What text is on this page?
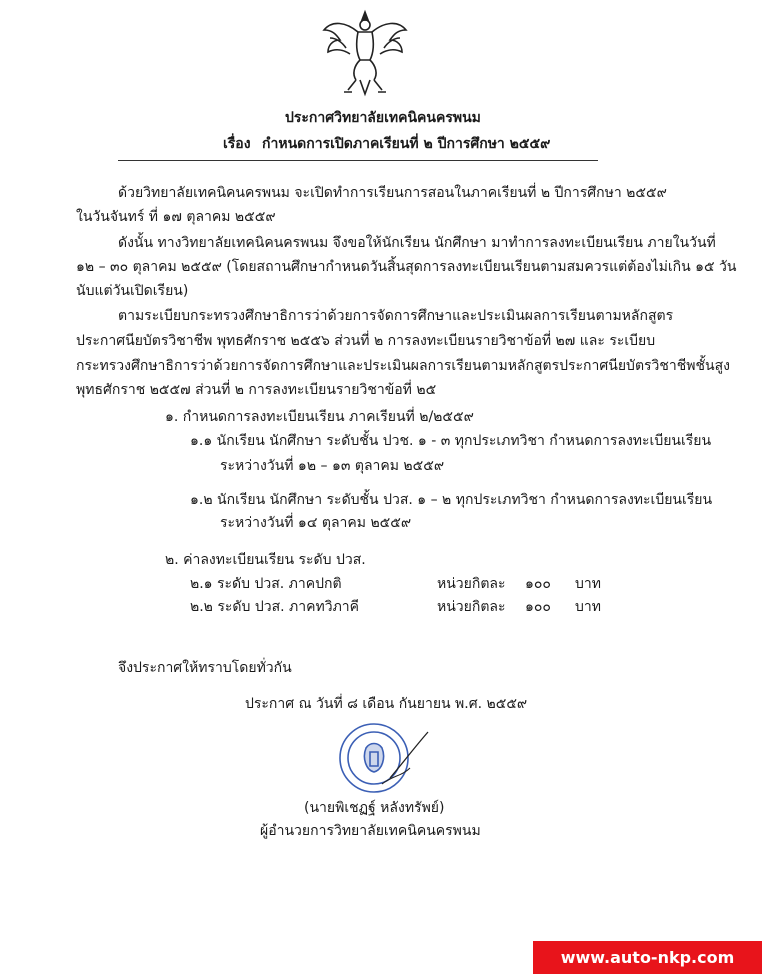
ประกาศวิทยาลัยเทคนิคนครพนม
เรื่อง กำหนดการเปิดภาคเรียนที่ ๒ ปีการศึกษา ๒๕๕๙
ด้วยวิทยาลัยเทคนิคนครพนม จะเปิดทำการเรียนการสอนในภาคเรียนที่ ๒ ปีการศึกษา ๒๕๕๙
ในวันจันทร์ ที่ ๑๗ ตุลาคม ๒๕๕๙
ดังนั้น ทางวิทยาลัยเทคนิคนครพนม จึงขอให้นักเรียน นักศึกษา มาทำการลงทะเบียนเรียน ภายในวันที่
๑๒ – ๓๐ ตุลาคม ๒๕๕๙ (โดยสถานศึกษากำหนดวันสิ้นสุดการลงทะเบียนเรียนตามสมควรแต่ต้องไม่เกิน ๑๕ วัน
นับแต่วันเปิดเรียน)
ตามระเบียบกระทรวงศึกษาธิการว่าด้วยการจัดการศึกษาและประเมินผลการเรียนตามหลักสูตร
ประกาศนียบัตรวิชาชีพ พุทธศักราช ๒๕๕๖ ส่วนที่ ๒ การลงทะเบียนรายวิชาข้อที่ ๒๗ และ ระเบียบ
กระทรวงศึกษาธิการว่าด้วยการจัดการศึกษาและประเมินผลการเรียนตามหลักสูตรประกาศนียบัตรวิชาชีพชั้นสูง
พุทธศักราช ๒๕๕๗ ส่วนที่ ๒ การลงทะเบียนรายวิชาข้อที่ ๒๕
๑. กำหนดการลงทะเบียนเรียน ภาคเรียนที่ ๒/๒๕๕๙
๑.๑ นักเรียน นักศึกษา ระดับชั้น ปวช. ๑ - ๓ ทุกประเภทวิชา กำหนดการลงทะเบียนเรียน
ระหว่างวันที่ ๑๒ – ๑๓ ตุลาคม ๒๕๕๙
๑.๒ นักเรียน นักศึกษา ระดับชั้น ปวส. ๑ – ๒ ทุกประเภทวิชา กำหนดการลงทะเบียนเรียน
ระหว่างวันที่ ๑๔ ตุลาคม ๒๕๕๙
๒. ค่าลงทะเบียนเรียน ระดับ ปวส.
๒.๑ ระดับ ปวส. ภาคปกติ	หน่วยกิตละ ๑๐๐ บาท
๒.๒ ระดับ ปวส. ภาคทวิภาคี	หน่วยกิตละ ๑๐๐ บาท
จึงประกาศให้ทราบโดยทั่วกัน
ประกาศ ณ วันที่ ๘ เดือน กันยายน พ.ศ. ๒๕๕๙
(นายพิเชฏฐ์ หลังทรัพย์)
ผู้อำนวยการวิทยาลัยเทคนิคนครพนม
www.auto-nkp.com
